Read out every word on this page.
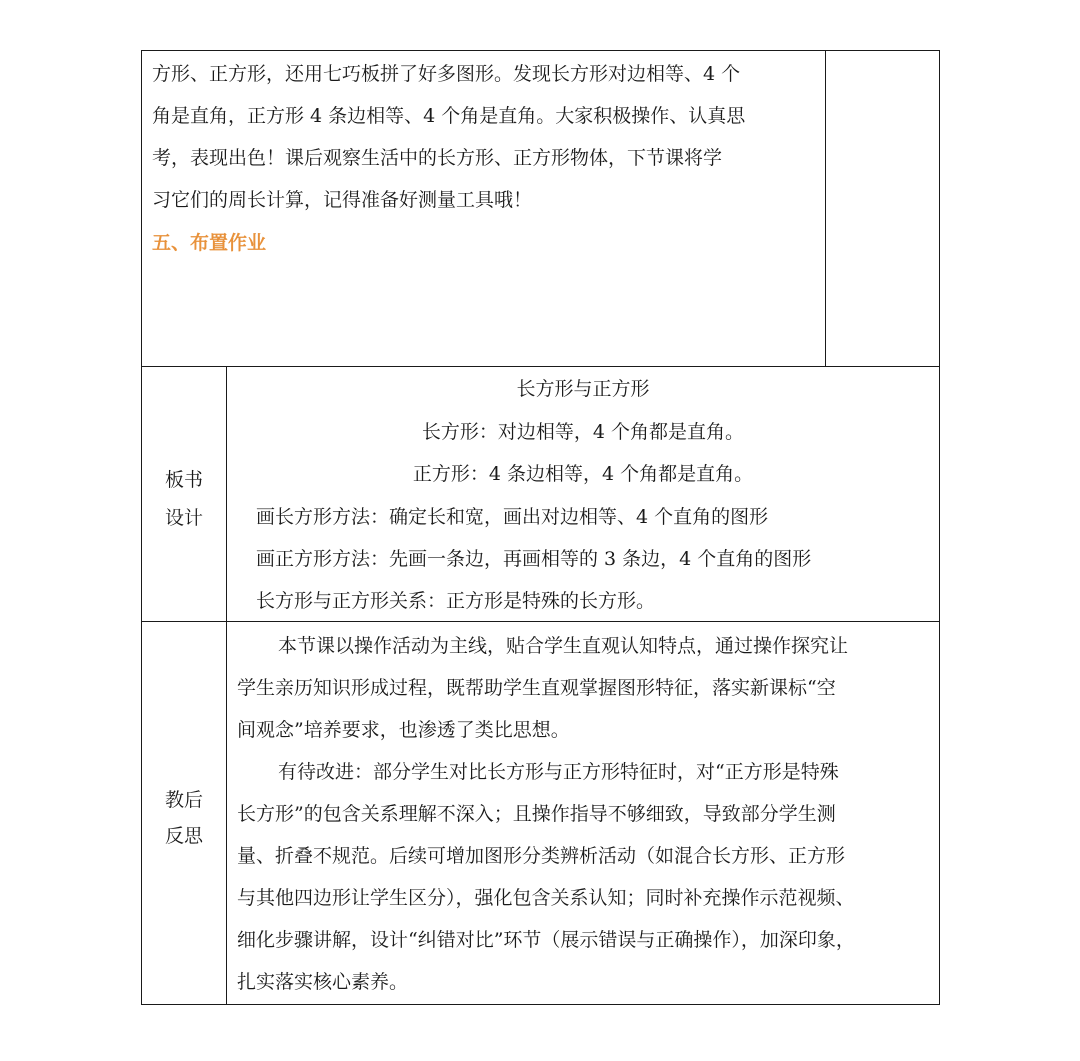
方形、正方形，还用七巧板拼了好多图形。发现长方形对边相等、4 个
角是直角，正方形 4 条边相等、4 个角是直角。大家积极操作、认真思
考，表现出色！课后观察生活中的长方形、正方形物体，下节课将学
习它们的周长计算，记得准备好测量工具哦！
五、布置作业
板书
设计
长方形与正方形
长方形：对边相等，4 个角都是直角。
正方形：4 条边相等，4 个角都是直角。
画长方形方法：确定长和宽，画出对边相等、4 个直角的图形
画正方形方法：先画一条边，再画相等的 3 条边，4 个直角的图形
长方形与正方形关系：正方形是特殊的长方形。
教后
反思
本节课以操作活动为主线，贴合学生直观认知特点，通过操作探究让
学生亲历知识形成过程，既帮助学生直观掌握图形特征，落实新课标“空
间观念”培养要求，也渗透了类比思想。
有待改进：部分学生对比长方形与正方形特征时，对“正方形是特殊
长方形”的包含关系理解不深入；且操作指导不够细致，导致部分学生测
量、折叠不规范。后续可增加图形分类辨析活动（如混合长方形、正方形
与其他四边形让学生区分），强化包含关系认知；同时补充操作示范视频、
细化步骤讲解，设计“纠错对比”环节（展示错误与正确操作），加深印象，
扎实落实核心素养。
